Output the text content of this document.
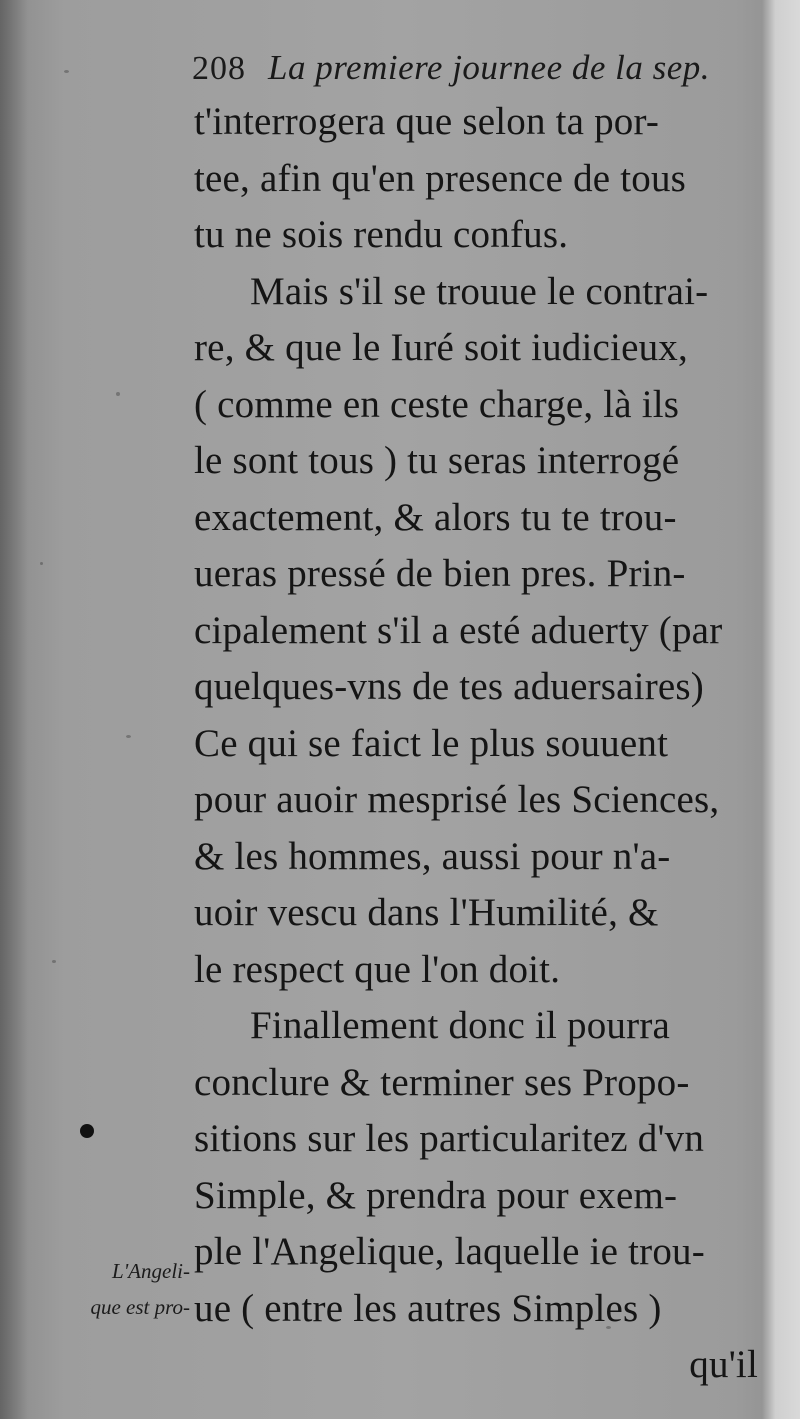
208 La premiere journee de la sep.
t'interrogera que selon ta por-
tee, afin qu'en presence de tous
tu ne sois rendu confus.
Mais s'il se trouue le contrai-
re, & que le Iuré soit iudicieux,
( comme en ceste charge, là ils
le sont tous ) tu seras interrogé
exactement, & alors tu te trou-
ueras pressé de bien pres. Prin-
cipalement s'il a esté aduerty (par
quelques-vns de tes aduersaires)
Ce qui se faict le plus souuent
pour auoir mesprisé les Sciences,
& les hommes, aussi pour n'a-
uoir vescu dans l'Humilité, &
le respect que l'on doit.
Finallement donc il pourra
conclure & terminer ses Propo-
sitions sur les particularitez d'vn
Simple, & prendra pour exem-
ple l'Angelique, laquelle ie trou-
ue ( entre les autres Simples )
qu'il
L'Angeli-
que est pro-
